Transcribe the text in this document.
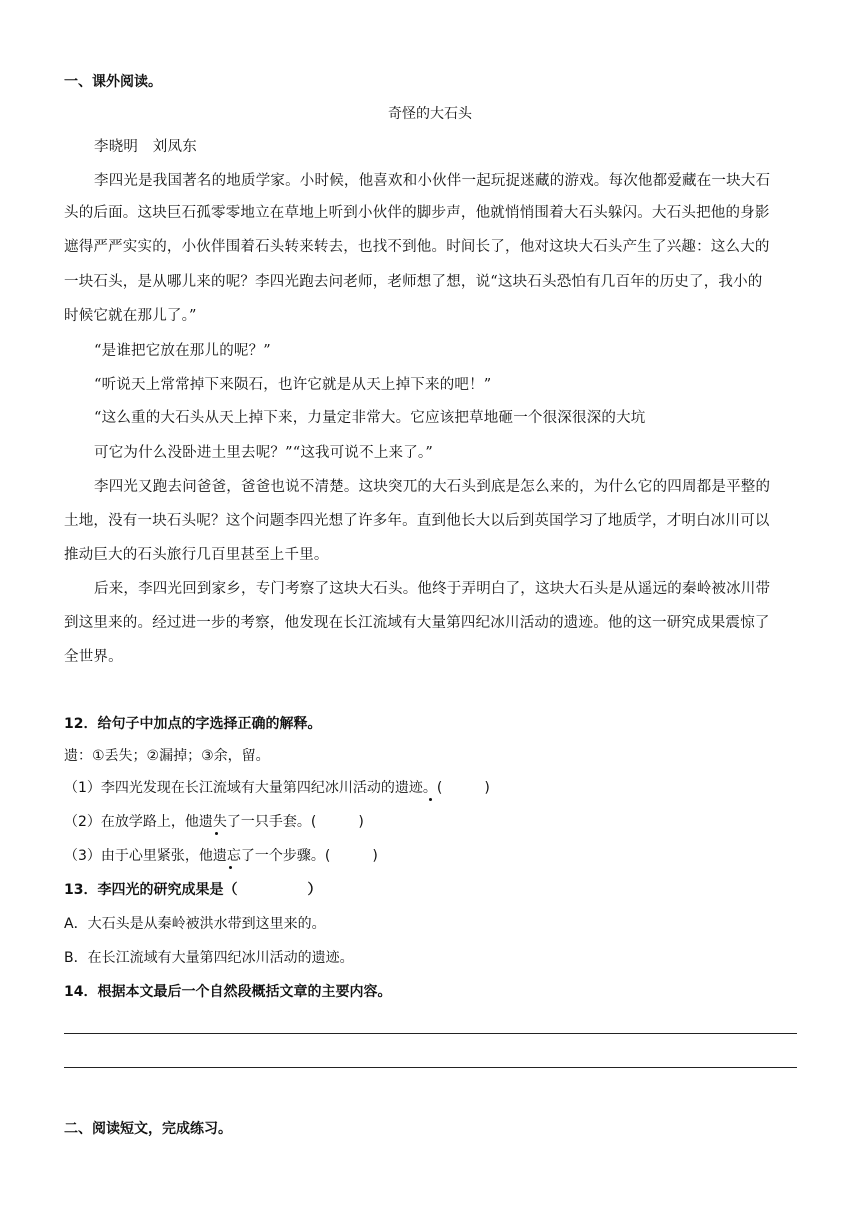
一、课外阅读。
奇怪的大石头
李晓明　刘凤东
李四光是我国著名的地质学家。小时候，他喜欢和小伙伴一起玩捉迷藏的游戏。每次他都爱藏在一块大石
头的后面。这块巨石孤零零地立在草地上听到小伙伴的脚步声，他就悄悄围着大石头躲闪。大石头把他的身影
遮得严严实实的，小伙伴围着石头转来转去，也找不到他。时间长了，他对这块大石头产生了兴趣：这么大的
一块石头，是从哪儿来的呢？李四光跑去问老师，老师想了想，说“这块石头恐怕有几百年的历史了，我小的
时候它就在那儿了。”
“是谁把它放在那儿的呢？”
“听说天上常常掉下来陨石，也许它就是从天上掉下来的吧！”
“这么重的大石头从天上掉下来，力量定非常大。它应该把草地砸一个很深很深的大坑
可它为什么没卧进土里去呢？”“这我可说不上来了。”
李四光又跑去问爸爸，爸爸也说不清楚。这块突兀的大石头到底是怎么来的，为什么它的四周都是平整的
土地，没有一块石头呢？这个问题李四光想了许多年。直到他长大以后到英国学习了地质学，才明白冰川可以
推动巨大的石头旅行几百里甚至上千里。
后来，李四光回到家乡，专门考察了这块大石头。他终于弄明白了，这块大石头是从遥远的秦岭被冰川带
到这里来的。经过进一步的考察，他发现在长江流域有大量第四纪冰川活动的遗迹。他的这一研究成果震惊了
全世界。
12．给句子中加点的字选择正确的解释。
遗：①丢失；②漏掉；③余，留。
（1）李四光发现在长江流域有大量第四纪冰川活动的遗迹。(　　　)
（2）在放学路上，他遗失了一只手套。(　　　)
（3）由于心里紧张，他遗忘了一个步骤。(　　　)
13．李四光的研究成果是（　　　　　）
A．大石头是从秦岭被洪水带到这里来的。
B．在长江流域有大量第四纪冰川活动的遗迹。
14．根据本文最后一个自然段概括文章的主要内容。
二、阅读短文，完成练习。
